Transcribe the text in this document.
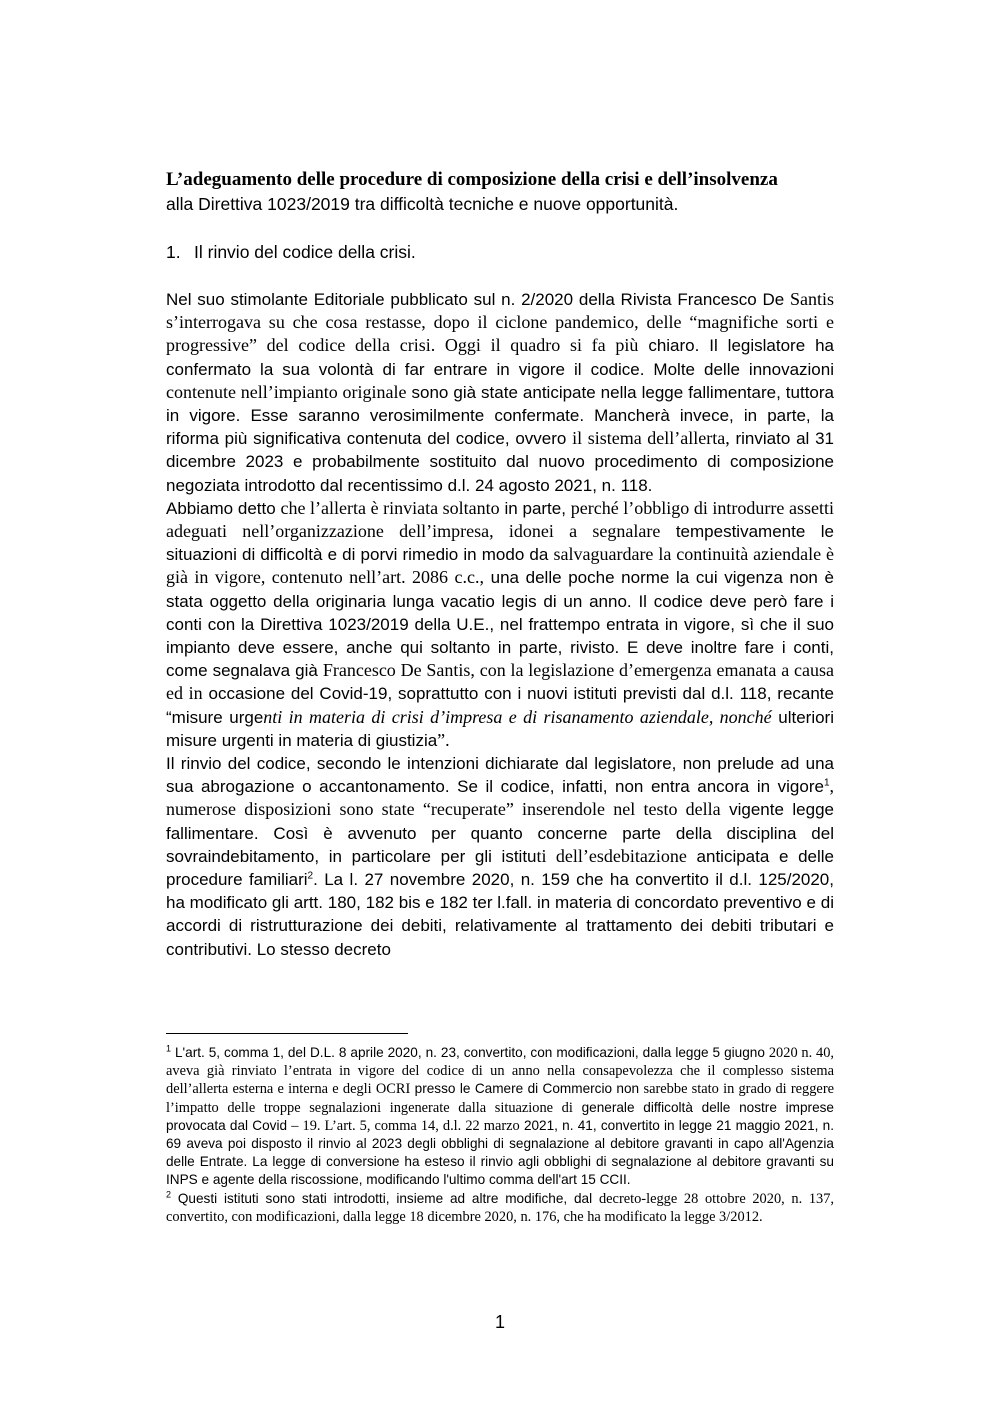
L’adeguamento delle procedure di composizione della crisi e dell’insolvenza

alla Direttiva 1023/2019 tra difficoltà tecniche e nuove opportunità.

1. Il rinvio del codice della crisi.

Nel suo stimolante Editoriale pubblicato sul n. 2/2020 della Rivista Francesco De Santis s’interrogava su che cosa restasse, dopo il ciclone pandemico, delle “magnifiche sorti e progressive” del codice della crisi. Oggi il quadro si fa più chiaro. Il legislatore ha confermato la sua volontà di far entrare in vigore il codice. Molte delle innovazioni contenute nell’impianto originale sono già state anticipate nella legge fallimentare, tuttora in vigore. Esse saranno verosimilmente confermate. Mancherà invece, in parte, la riforma più significativa contenuta del codice, ovvero il sistema dell’allerta, rinviato al 31 dicembre 2023 e probabilmente sostituito dal nuovo procedimento di composizione negoziata introdotto dal recentissimo d.l. 24 agosto 2021, n. 118.

Abbiamo detto che l’allerta è rinviata soltanto in parte, perché l’obbligo di introdurre assetti adeguati nell’organizzazione dell’impresa, idonei a segnalare tempestivamente le situazioni di difficoltà e di porvi rimedio in modo da salvaguardare la continuità aziendale è già in vigore, contenuto nell’art. 2086 c.c., una delle poche norme la cui vigenza non è stata oggetto della originaria lunga vacatio legis di un anno. Il codice deve però fare i conti con la Direttiva 1023/2019 della U.E., nel frattempo entrata in vigore, sì che il suo impianto deve essere, anche qui soltanto in parte, rivisto. E deve inoltre fare i conti, come segnalava già Francesco De Santis, con la legislazione d’emergenza emanata a causa ed in occasione del Covid-19, soprattutto con i nuovi istituti previsti dal d.l. 118, recante “misure urgenti in materia di crisi d’impresa e di risanamento aziendale, nonché ulteriori misure urgenti in materia di giustizia”.

Il rinvio del codice, secondo le intenzioni dichiarate dal legislatore, non prelude ad una sua abrogazione o accantonamento. Se il codice, infatti, non entra ancora in vigore$^1$, numerose disposizioni sono state “recuperate” inserendole nel testo della vigente legge fallimentare. Così è avvenuto per quanto concerne parte della disciplina del sovraindebitamento, in particolare per gli istituti dell’esdebitazione anticipata e delle procedure familiari$^2$. La l. 27 novembre 2020, n. 159 che ha convertito il d.l. 125/2020, ha modificato gli artt. 180, 182 bis e 182 ter l.fall. in materia di concordato preventivo e di accordi di ristrutturazione dei debiti, relativamente al trattamento dei debiti tributari e contributivi. Lo stesso decreto

$^1$ L'art. 5, comma 1, del D.L. 8 aprile 2020, n. 23, convertito, con modificazioni, dalla legge 5 giugno 2020 n. 40, aveva già rinviato l’entrata in vigore del codice di un anno nella consapevolezza che il complesso sistema dell’allerta esterna e interna e degli OCRI presso le Camere di Commercio non sarebbe stato in grado di reggere l’impatto delle troppe segnalazioni ingenerate dalla situazione di generale difficoltà delle nostre imprese provocata dal Covid – 19. L’art. 5, comma 14, d.l. 22 marzo 2021, n. 41, convertito in legge 21 maggio 2021, n. 69 aveva poi disposto il rinvio al 2023 degli obblighi di segnalazione al debitore gravanti in capo all'Agenzia delle Entrate. La legge di conversione ha esteso il rinvio agli obblighi di segnalazione al debitore gravanti su INPS e agente della riscossione, modificando l'ultimo comma dell'art 15 CCII.

$^2$ Questi istituti sono stati introdotti, insieme ad altre modifiche, dal decreto-legge 28 ottobre 2020, n. 137, convertito, con modificazioni, dalla legge 18 dicembre 2020, n. 176, che ha modificato la legge 3/2012.

1
